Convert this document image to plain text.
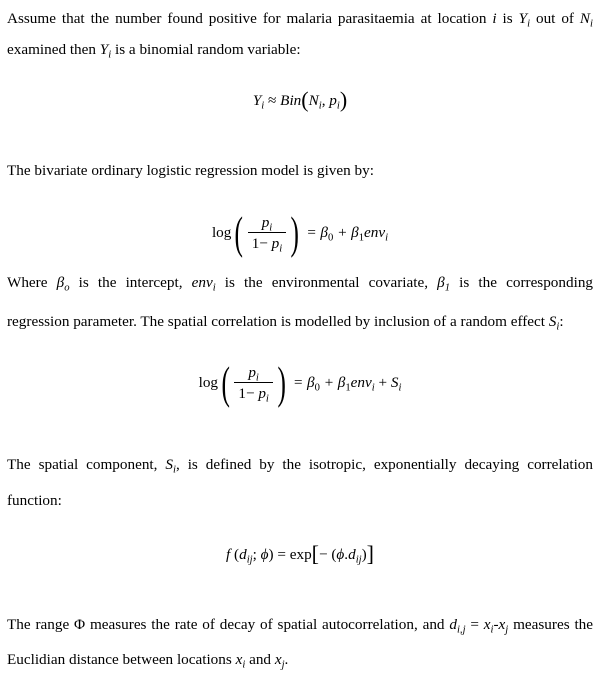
Assume that the number found positive for malaria parasitaemia at location i is $Y_i$ out of $N_i$
examined then $Y_i$ is a binomial random variable:
$Y_i \approx Bin(N_i$, $p_i$)
The bivariate ordinary logistic regression model is given by:
$\log( \frac{p_i}{1- p_i}$ ) = $\beta_0 + \beta_1env_i$
Where $\beta_o$ is the intercept, env$_i$ is the environmental covariate, $\beta_1$ is the corresponding
regression parameter. The spatial correlation is modelled by inclusion of a random effect $S_i$:
$\log( \frac{p_i}{1- p_i}$ ) = $\beta_0 + \beta_1env_i + S_i$
The spatial component, $S_i$, is defined by the isotropic, exponentially decaying correlation
function:
f ($d_{ij}$; $\phi) = \exp[- (\phi.d_{ij})]$
The range Φ measures the rate of decay of spatial autocorrelation, and $d_{i,j} = x_i-x_j$ measures the
Euclidian distance between locations $x_i$ and $x_j$.
